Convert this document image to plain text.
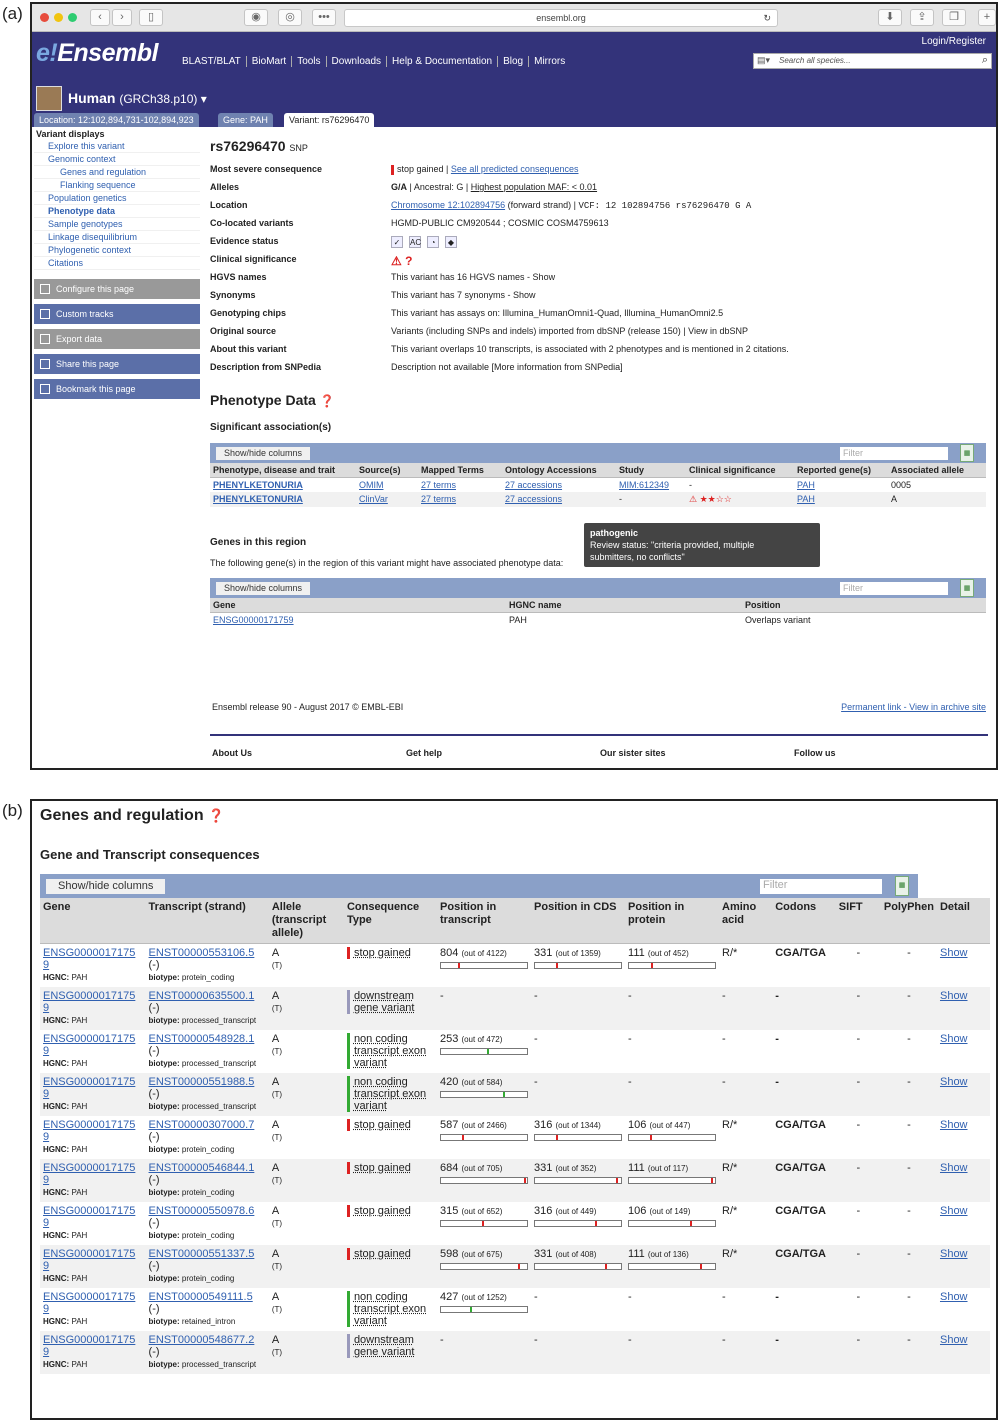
(a)
(b)
‹	›	▯	◉	◎	•••	ensembl.org	↻	⬇	⇪	❐	+
e!Ensembl	BLAST/BLAT BioMart Tools Downloads Help & Documentation Blog Mirrors
Login/Register
▤▾ Search all species...	⌕
Human (GRCh38.p10) ▾
Location: 12:102,894,731-102,894,923	Gene: PAH	Variant: rs76296470
Variant displays
Explore this variant
Genomic context
Genes and regulation
Flanking sequence
Population genetics
Phenotype data
Sample genotypes
Linkage disequilibrium
Phylogenetic context
Citations
Configure this page
Custom tracks
Export data
Share this page
Bookmark this page
rs76296470 SNP
Most severe consequence	stop gained | See all predicted consequences
Alleles	G/A | Ancestral: G | Highest population MAF: < 0.01
Location	Chromosome 12:102894756 (forward strand) | VCF: 12 102894756 rs76296470 G A
Co-located variants	HGMD-PUBLIC CM920544 ; COSMIC COSM4759613
Evidence status	✓ AC ◔ ◆
Clinical significance	⚠ ?
HGVS names	This variant has 16 HGVS names - Show
Synonyms	This variant has 7 synonyms - Show
Genotyping chips	This variant has assays on: Illumina_HumanOmni1-Quad, Illumina_HumanOmni2.5
Original source	Variants (including SNPs and indels) imported from dbSNP (release 150) | View in dbSNP
About this variant	This variant overlaps 10 transcripts, is associated with 2 phenotypes and is mentioned in 2 citations.
Description from SNPedia	Description not available [More information from SNPedia]
Phenotype Data ❓
Significant association(s)
Show/hide columns	Filter	▦
Phenotype, disease and trait	Source(s)	Mapped Terms	Ontology Accessions	Study	Clinical significance	Reported gene(s)	Associated allele
PHENYLKETONURIA	OMIM	27 terms	27 accessions	MIM:612349	-	PAH	0005
PHENYLKETONURIA	ClinVar	27 terms	27 accessions	-	⚠ ★★☆☆	PAH	A
pathogenic
Review status: "criteria provided, multiple
submitters, no conflicts"
Genes in this region
The following gene(s) in the region of this variant might have associated phenotype data:
Show/hide columns	Filter	▦
Gene	HGNC name	Position
ENSG00000171759	PAH	Overlaps variant
Ensembl release 90 - August 2017 © EMBL-EBI	Permanent link - View in archive site
About Us	Get help	Our sister sites	Follow us
Genes and regulation ❓
Gene and Transcript consequences
Show/hide columns	Filter	▦
Gene	Transcript (strand)	Allele (transcript allele)	Consequence Type	Position in transcript	Position in CDS	Position in protein	Amino acid	Codons	SIFT	PolyPhen	Detail
ENSG0000017175
9
HGNC: PAH	ENST00000553106.5
(-)
biotype: protein_coding	A
(T)	stop gained	804 (out of 4122)	331 (out of 1359)	111 (out of 452)	R/*	CGA/TGA	-	-	Show
ENSG0000017175
9
HGNC: PAH	ENST00000635500.1
(-)
biotype: processed_transcript	A
(T)	downstream gene variant	-	-	-	-	-	-	-	Show
ENSG0000017175
9
HGNC: PAH	ENST00000548928.1
(-)
biotype: processed_transcript	A
(T)	non coding transcript exon variant	253 (out of 472)	-	-	-	-	-	-	Show
ENSG0000017175
9
HGNC: PAH	ENST00000551988.5
(-)
biotype: processed_transcript	A
(T)	non coding transcript exon variant	420 (out of 584)	-	-	-	-	-	-	Show
ENSG0000017175
9
HGNC: PAH	ENST00000307000.7
(-)
biotype: protein_coding	A
(T)	stop gained	587 (out of 2466)	316 (out of 1344)	106 (out of 447)	R/*	CGA/TGA	-	-	Show
ENSG0000017175
9
HGNC: PAH	ENST00000546844.1
(-)
biotype: protein_coding	A
(T)	stop gained	684 (out of 705)	331 (out of 352)	111 (out of 117)	R/*	CGA/TGA	-	-	Show
ENSG0000017175
9
HGNC: PAH	ENST00000550978.6
(-)
biotype: protein_coding	A
(T)	stop gained	315 (out of 652)	316 (out of 449)	106 (out of 149)	R/*	CGA/TGA	-	-	Show
ENSG0000017175
9
HGNC: PAH	ENST00000551337.5
(-)
biotype: protein_coding	A
(T)	stop gained	598 (out of 675)	331 (out of 408)	111 (out of 136)	R/*	CGA/TGA	-	-	Show
ENSG0000017175
9
HGNC: PAH	ENST00000549111.5
(-)
biotype: retained_intron	A
(T)	non coding transcript exon variant	427 (out of 1252)	-	-	-	-	-	-	Show
ENSG0000017175
9
HGNC: PAH	ENST00000548677.2
(-)
biotype: processed_transcript	A
(T)	downstream gene variant	-	-	-	-	-	-	-	Show
